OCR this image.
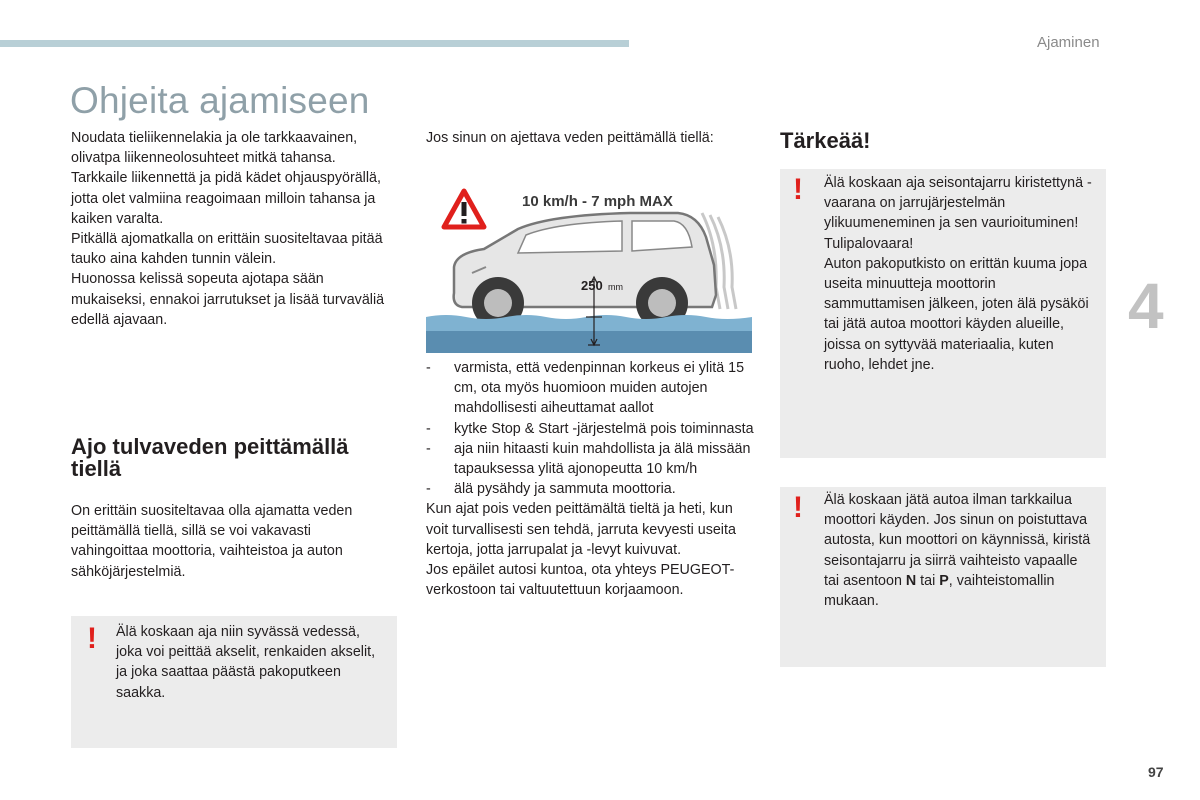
Ajaminen
Ohjeita ajamiseen

Noudata tieliikennelakia ja ole tarkkaavainen, olivatpa liikenneolosuhteet mitkä tahansa.

Tarkkaile liikennettä ja pidä kädet ohjauspyörällä, jotta olet valmiina reagoimaan milloin tahansa ja kaiken varalta.

Pitkällä ajomatkalla on erittäin suositeltavaa pitää tauko aina kahden tunnin välein.

Huonossa kelissä sopeuta ajotapa sään mukaiseksi, ennakoi jarrutukset ja lisää turvaväliä edellä ajavaan.

Ajo tulvaveden peittämällä tiellä

On erittäin suositeltavaa olla ajamatta veden peittämällä tiellä, sillä se voi vakavasti vahingoittaa moottoria, vaihteistoa ja auton sähköjärjestelmiä.

! Älä koskaan aja niin syvässä vedessä, joka voi peittää akselit, renkaiden akselit, ja joka saattaa päästä pakoputkeen saakka.

Jos sinun on ajettava veden peittämällä tiellä:

10 km/h - 7 mph MAX
250 mm
- varmista, että vedenpinnan korkeus ei ylitä 15 cm, ota myös huomioon muiden autojen mahdollisesti aiheuttamat aallot
- kytke Stop & Start -järjestelmä pois toiminnasta
- aja niin hitaasti kuin mahdollista ja älä missään tapauksessa ylitä ajonopeutta 10 km/h
- älä pysähdy ja sammuta moottoria.

Kun ajat pois veden peittämältä tieltä ja heti, kun voit turvallisesti sen tehdä, jarruta kevyesti useita kertoja, jotta jarrupalat ja -levyt kuivuvat.

Jos epäilet autosi kuntoa, ota yhteys PEUGEOT-verkostoon tai valtuutettuun korjaamoon.

Tärkeää!
! Älä koskaan aja seisontajarru kiristettynä - vaarana on jarrujärjestelmän ylikuumeneminen ja sen vaurioituminen!
Tulipalovaara!
Auton pakoputkisto on erittän kuuma jopa useita minuutteja moottorin sammuttamisen jälkeen, joten älä pysäköi tai jätä autoa moottori käyden alueille, joissa on syttyvää materiaalia, kuten ruoho, lehdet jne.
! Älä koskaan jätä autoa ilman tarkkailua moottori käyden. Jos sinun on poistuttava autosta, kun moottori on käynnissä, kiristä seisontajarru ja siirrä vaihteisto vapaalle tai asentoon N tai P, vaihteistomallin mukaan.

4
97
